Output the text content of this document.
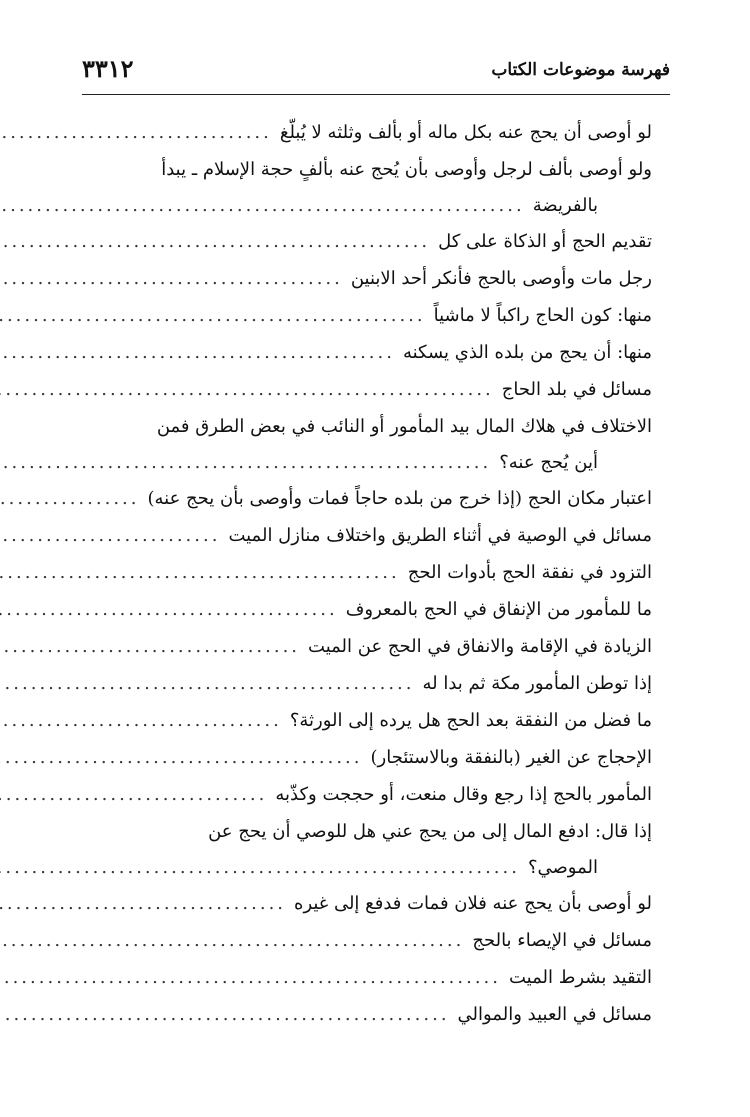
فهرسة موضوعات الكتاب
٣٣١٢
لو أوصى أن يحج عنه بكل ماله أو بألف وثلثه لا يُبلّغ
.....
ولو أوصى بألف لرجل وأوصى بأن يُحج عنه بألفٍ حجة الإسلام ـ يبدأ
بالفريضة
.....
تقديم الحج أو الذكاة على كل
.....
رجل مات وأوصى بالحج فأنكر أحد الابنين
.....
منها: كون الحاج راكباً لا ماشياً
.....
منها: أن يحج من بلده الذي يسكنه
.....
مسائل في بلد الحاج
.....
الاختلاف في هلاك المال بيد المأمور أو النائب في بعض الطرق فمن
أين يُحج عنه؟
.....
اعتبار مكان الحج (إذا خرج من بلده حاجاً فمات وأوصى بأن يحج عنه)
.....
مسائل في الوصية في أثناء الطريق واختلاف منازل الميت
.....
التزود في نفقة الحج بأدوات الحج
.....
ما للمأمور من الإنفاق في الحج بالمعروف
.....
الزيادة في الإقامة والانفاق في الحج عن الميت
.....
إذا توطن المأمور مكة ثم بدا له
.....
ما فضل من النفقة بعد الحج هل يرده إلى الورثة؟
.....
الإحجاج عن الغير (بالنفقة وبالاستئجار)
.....
المأمور بالحج إذا رجع وقال منعت، أو حججت وكذّبه
.....
إذا قال: ادفع المال إلى من يحج عني هل للوصي أن يحج عن
الموصي؟
.....
لو أوصى بأن يحج عنه فلان فمات فدفع إلى غيره
.....
مسائل في الإيصاء بالحج
.....
التقيد بشرط الميت
.....
مسائل في العبيد والموالي
.....
